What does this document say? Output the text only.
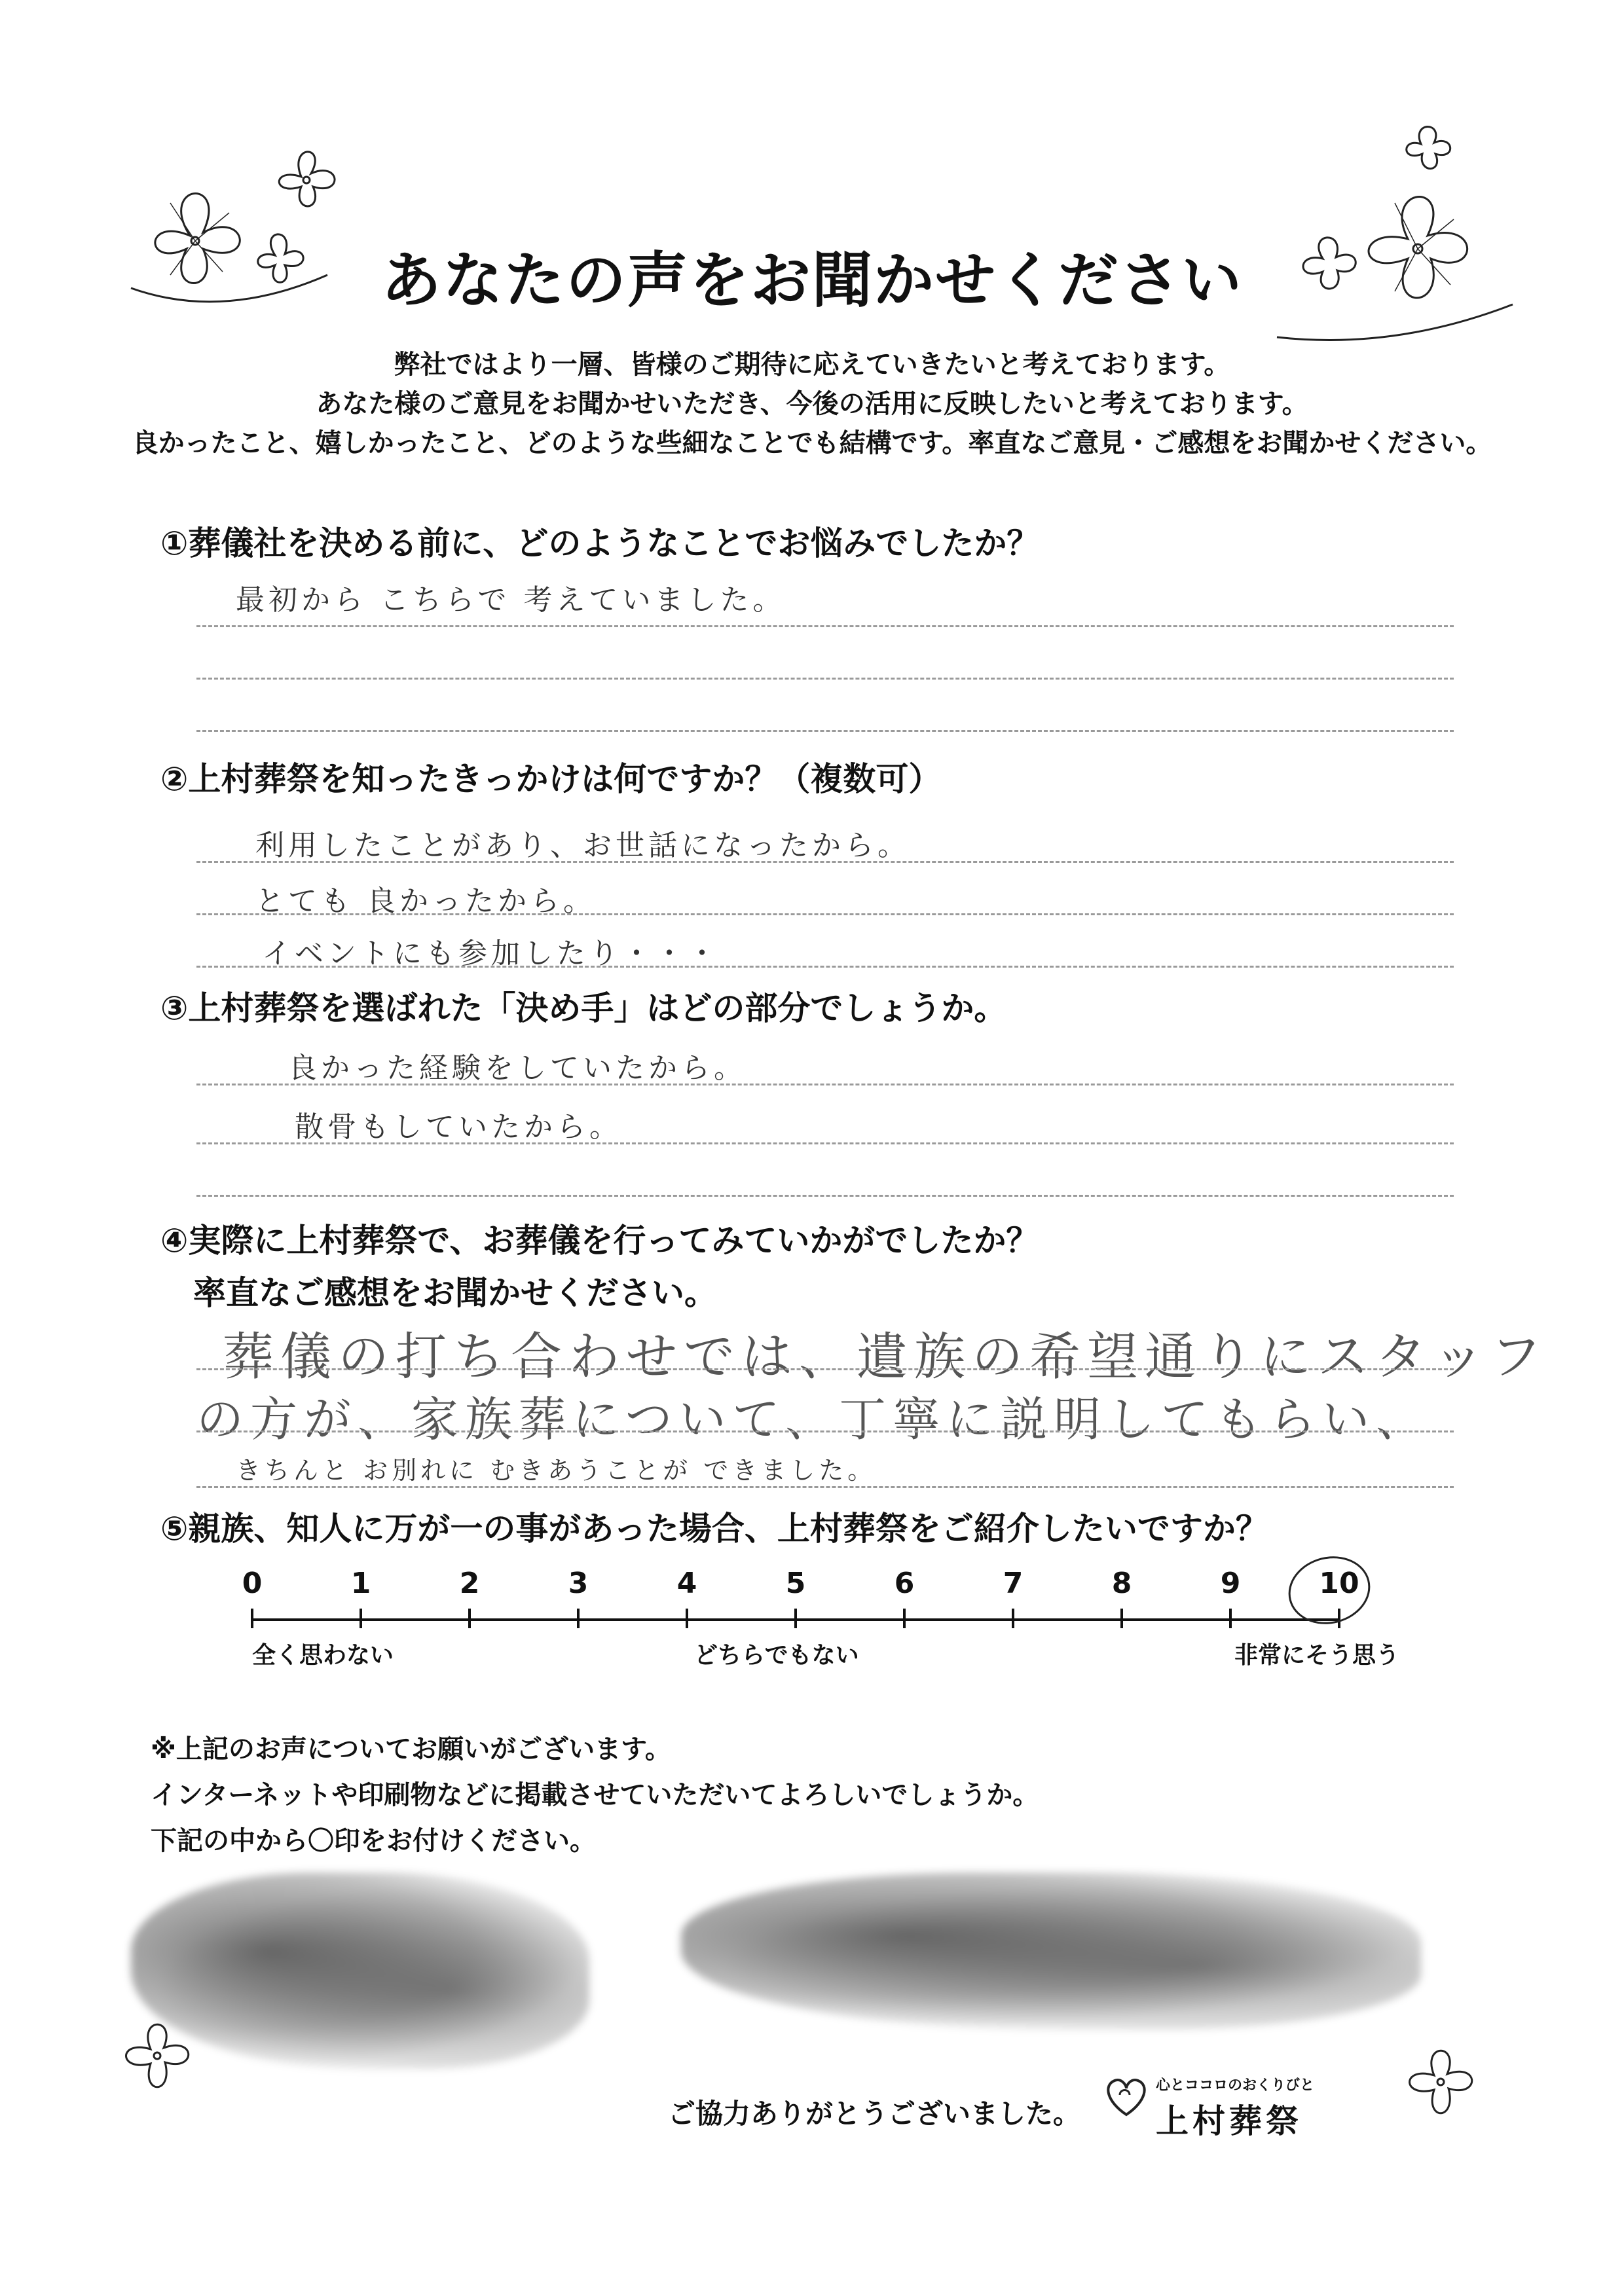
あなたの声をお聞かせください
弊社ではより一層、皆様のご期待に応えていきたいと考えております。
あなた様のご意見をお聞かせいただき、今後の活用に反映したいと考えております。
良かったこと、嬉しかったこと、どのような些細なことでも結構です。率直なご意見・ご感想をお聞かせください。
①葬儀社を決める前に、どのようなことでお悩みでしたか？
最初から こちらで 考えていました。
②上村葬祭を知ったきっかけは何ですか？（複数可）
利用したことがあり、お世話になったから。
とても 良かったから。
イベントにも参加したり・・・
③上村葬祭を選ばれた「決め手」はどの部分でしょうか。
良かった経験をしていたから。
散骨もしていたから。
④実際に上村葬祭で、お葬儀を行ってみていかがでしたか？
率直なご感想をお聞かせください。
葬儀の打ち合わせでは、遺族の希望通りにスタッフ
の方が、家族葬について、丁寧に説明してもらい、
きちんと お別れに むきあうことが できました。
⑤親族、知人に万が一の事があった場合、上村葬祭をご紹介したいですか？
0	1	2	3	4	5	6	7	8	9	10
全く思わない	どちらでもない	非常にそう思う
※上記のお声についてお願いがございます。
インターネットや印刷物などに掲載させていただいてよろしいでしょうか。
下記の中から〇印をお付けください。
ご協力ありがとうございました。
心とココロのおくりびと
上村葬祭
